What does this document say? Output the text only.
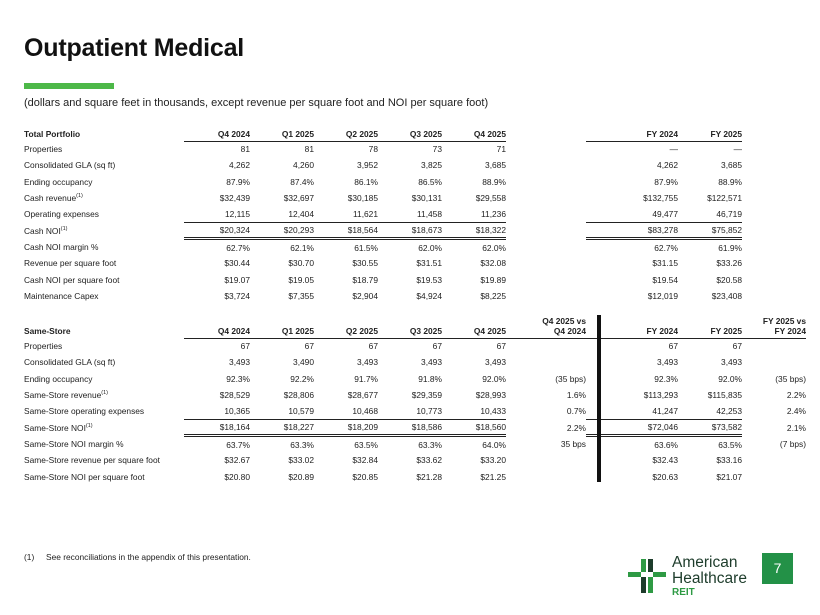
Outpatient Medical
(dollars and square feet in thousands, except revenue per square foot and NOI per square foot)
Total Portfolio	Q4 2024	Q1 2025	Q2 2025	Q3 2025	Q4 2025		FY 2024	FY 2025
Properties	81	81	78	73	71		—	—
Consolidated GLA (sq ft)	4,262	4,260	3,952	3,825	3,685		4,262	3,685
Ending occupancy	87.9%	87.4%	86.1%	86.5%	88.9%		87.9%	88.9%
Cash revenue$^{(1)}$	$32,439	$32,697	$30,185	$30,131	$29,558		$132,755	$122,571
Operating expenses	12,115	12,404	11,621	11,458	11,236		49,477	46,719
Cash NOI$^{(1)}$	$20,324	$20,293	$18,564	$18,673	$18,322		$83,278	$75,852
Cash NOI margin %	62.7%	62.1%	61.5%	62.0%	62.0%		62.7%	61.9%
Revenue per square foot	$30.44	$30.70	$30.55	$31.51	$32.08		$31.15	$33.26
Cash NOI per square foot	$19.07	$19.05	$18.79	$19.53	$19.89		$19.54	$20.58
Maintenance Capex	$3,724	$7,355	$2,904	$4,924	$8,225		$12,019	$23,408
Same-Store	Q4 2024	Q1 2025	Q2 2025	Q3 2025	Q4 2025	Q4 2025 vs
Q4 2024	FY 2024	FY 2025	FY 2025 vs
FY 2024
Properties	67	67	67	67	67		67	67	
Consolidated GLA (sq ft)	3,493	3,490	3,493	3,493	3,493		3,493	3,493	
Ending occupancy	92.3%	92.2%	91.7%	91.8%	92.0%	(35 bps)	92.3%	92.0%	(35 bps)
Same-Store revenue$^{(1)}$	$28,529	$28,806	$28,677	$29,359	$28,993	1.6%	$113,293	$115,835	2.2%
Same-Store operating expenses	10,365	10,579	10,468	10,773	10,433	0.7%	41,247	42,253	2.4%
Same-Store NOI$^{(1)}$	$18,164	$18,227	$18,209	$18,586	$18,560	2.2%	$72,046	$73,582	2.1%
Same-Store NOI margin %	63.7%	63.3%	63.5%	63.3%	64.0%	35 bps	63.6%	63.5%	(7 bps)
Same-Store revenue per square foot	$32.67	$33.02	$32.84	$33.62	$33.20		$32.43	$33.16	
Same-Store NOI per square foot	$20.80	$20.89	$20.85	$21.28	$21.25		$20.63	$21.07	
(1) See reconciliations in the appendix of this presentation.	American
Healthcare
REIT
7
